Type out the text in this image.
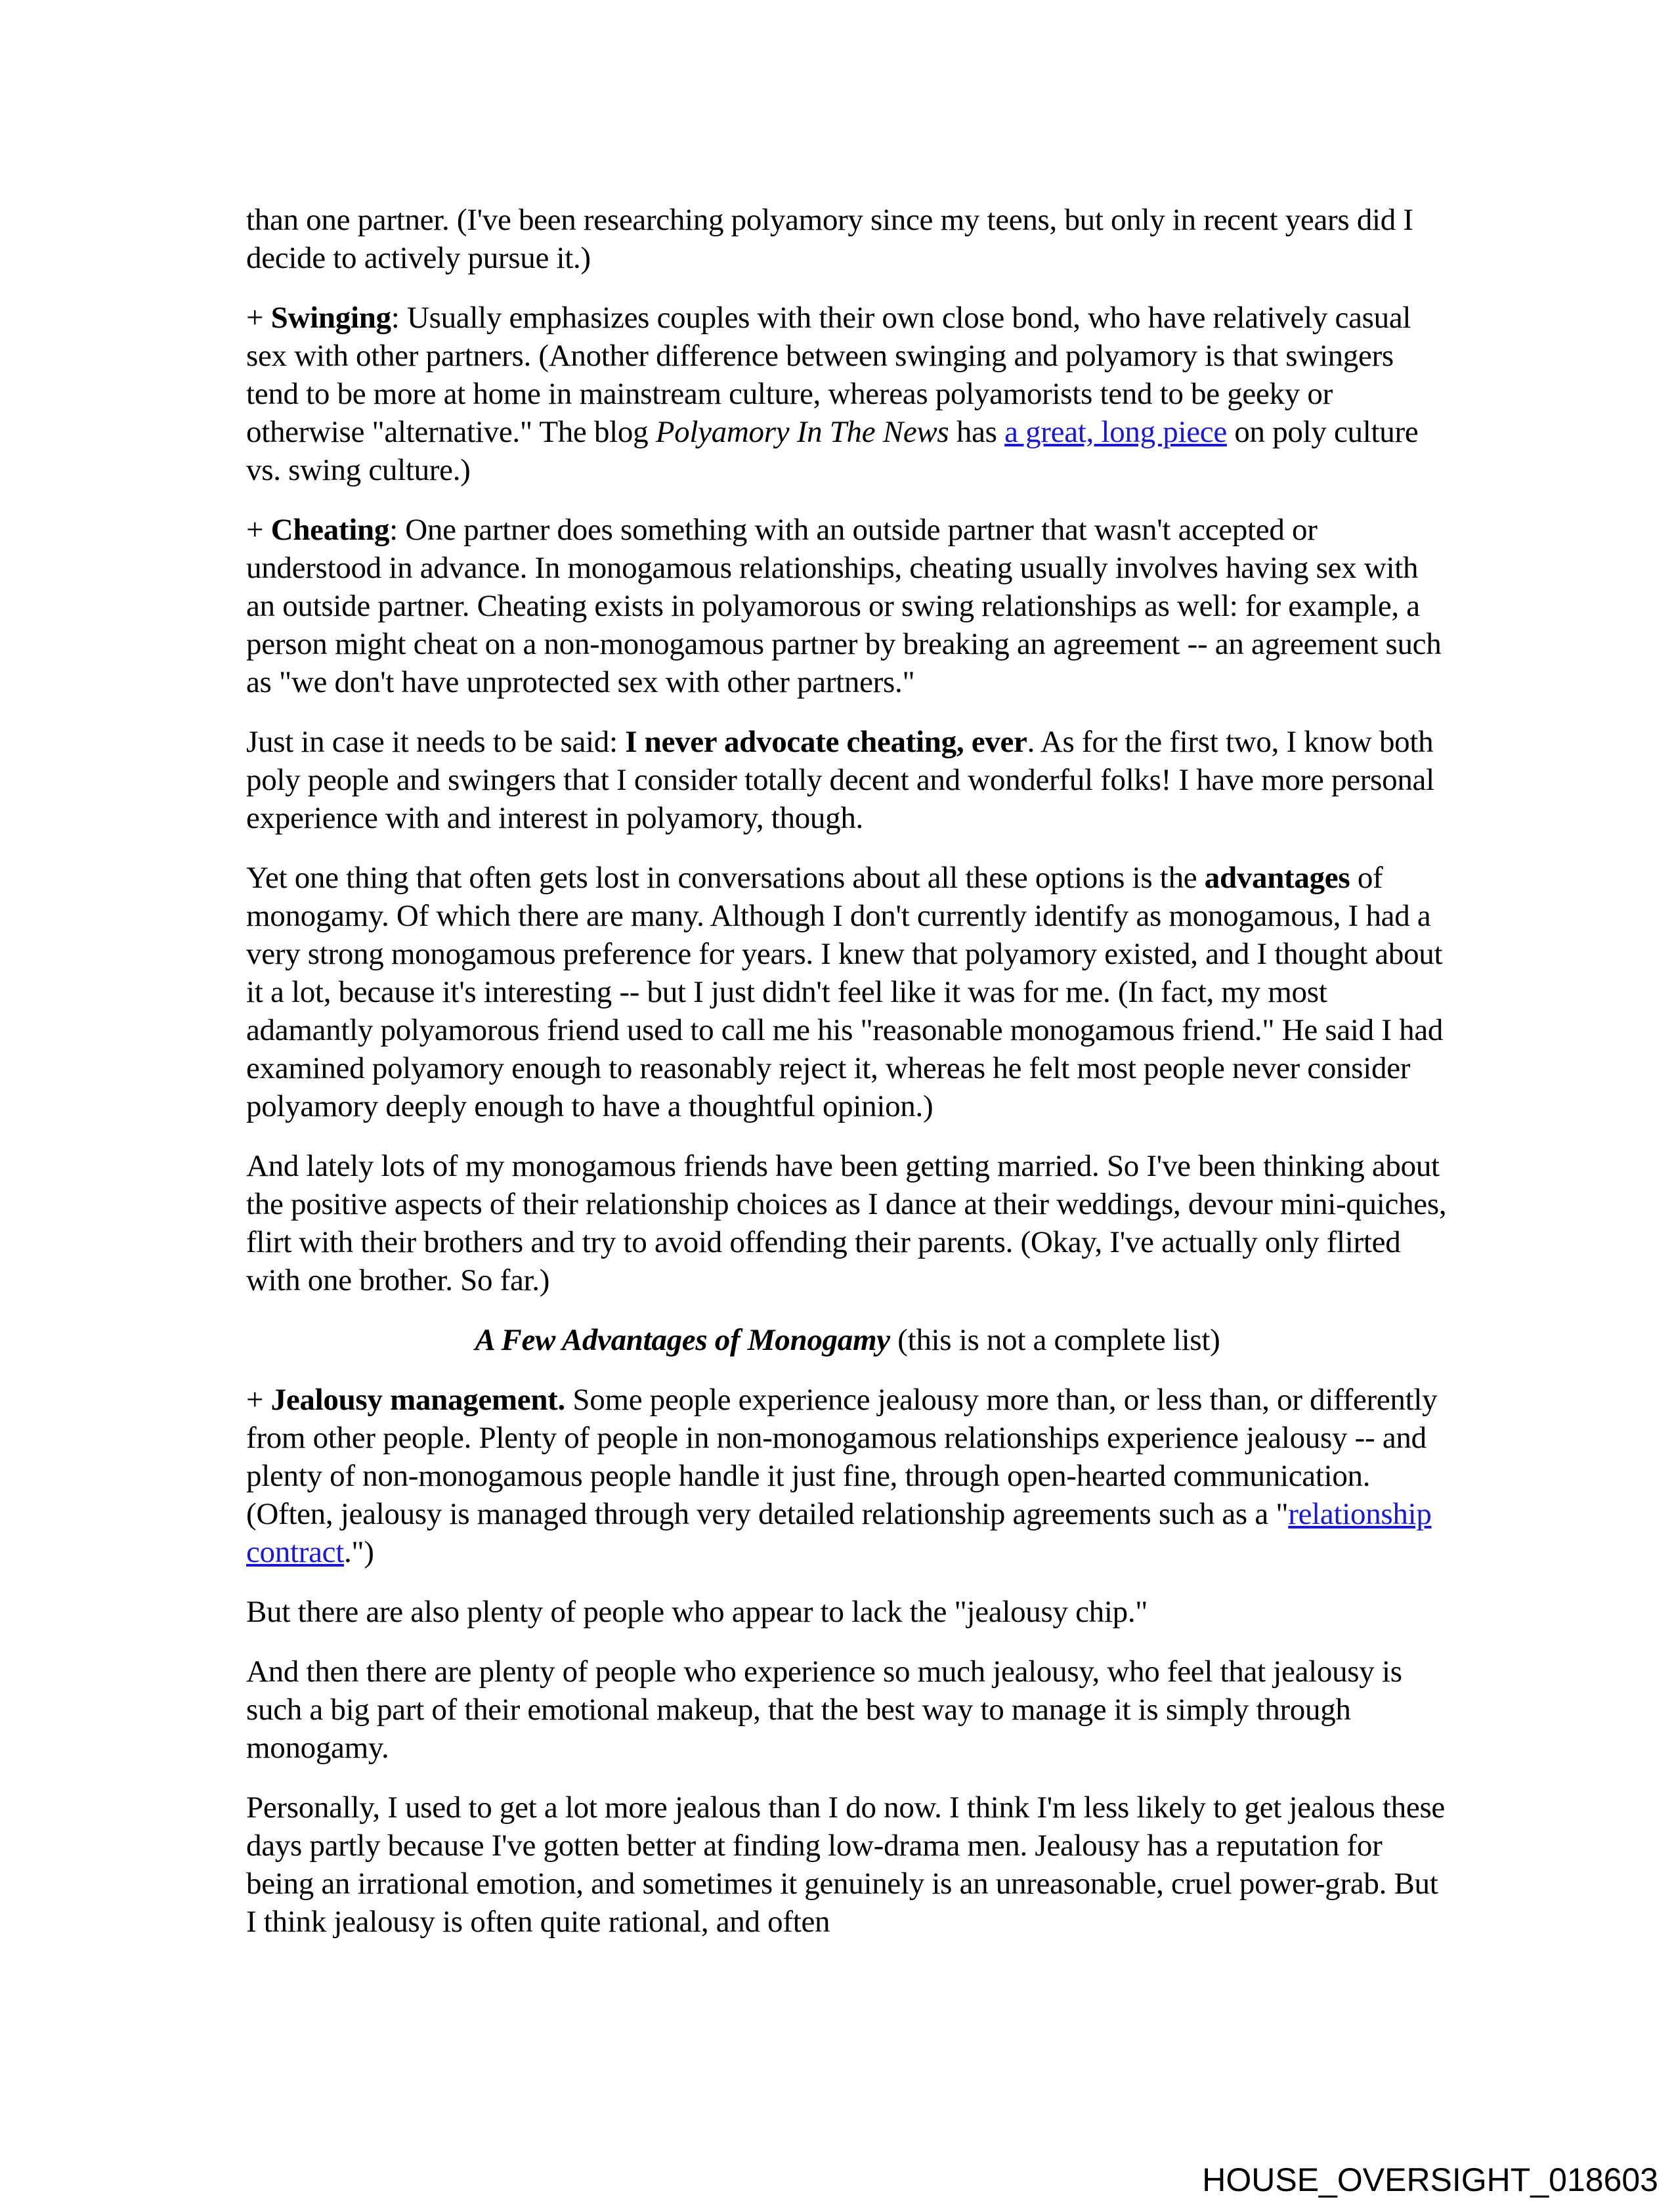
than one partner. (I've been researching polyamory since my teens, but only in recent years did I decide to actively pursue it.)

+ Swinging: Usually emphasizes couples with their own close bond, who have relatively casual sex with other partners. (Another difference between swinging and polyamory is that swingers tend to be more at home in mainstream culture, whereas polyamorists tend to be geeky or otherwise "alternative." The blog Polyamory In The News has a great, long piece on poly culture vs. swing culture.)

+ Cheating: One partner does something with an outside partner that wasn't accepted or understood in advance. In monogamous relationships, cheating usually involves having sex with an outside partner. Cheating exists in polyamorous or swing relationships as well: for example, a person might cheat on a non-monogamous partner by breaking an agreement -- an agreement such as "we don't have unprotected sex with other partners."

Just in case it needs to be said: I never advocate cheating, ever. As for the first two, I know both poly people and swingers that I consider totally decent and wonderful folks! I have more personal experience with and interest in polyamory, though.

Yet one thing that often gets lost in conversations about all these options is the advantages of monogamy. Of which there are many. Although I don't currently identify as monogamous, I had a very strong monogamous preference for years. I knew that polyamory existed, and I thought about it a lot, because it's interesting -- but I just didn't feel like it was for me. (In fact, my most adamantly polyamorous friend used to call me his "reasonable monogamous friend." He said I had examined polyamory enough to reasonably reject it, whereas he felt most people never consider polyamory deeply enough to have a thoughtful opinion.)

And lately lots of my monogamous friends have been getting married. So I've been thinking about the positive aspects of their relationship choices as I dance at their weddings, devour mini-quiches, flirt with their brothers and try to avoid offending their parents. (Okay, I've actually only flirted with one brother. So far.)

A Few Advantages of Monogamy (this is not a complete list)

+ Jealousy management. Some people experience jealousy more than, or less than, or differently from other people. Plenty of people in non-monogamous relationships experience jealousy -- and plenty of non-monogamous people handle it just fine, through open-hearted communication. (Often, jealousy is managed through very detailed relationship agreements such as a "relationship contract.")

But there are also plenty of people who appear to lack the "jealousy chip."

And then there are plenty of people who experience so much jealousy, who feel that jealousy is such a big part of their emotional makeup, that the best way to manage it is simply through monogamy.

Personally, I used to get a lot more jealous than I do now. I think I'm less likely to get jealous these days partly because I've gotten better at finding low-drama men. Jealousy has a reputation for being an irrational emotion, and sometimes it genuinely is an unreasonable, cruel power-grab. But I think jealousy is often quite rational, and often

HOUSE_OVERSIGHT_018603
